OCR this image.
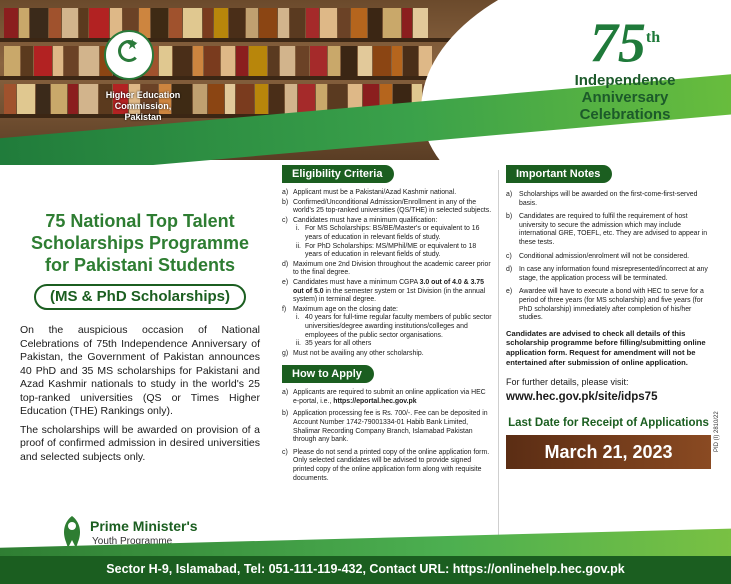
★
Higher Education
Commission,
Pakistan
75th
Independence
Anniversary
Celebrations
75 National Top Talent
Scholarships Programme
for Pakistani Students
(MS & PhD Scholarships)

On the auspicious occasion of National Celebrations of 75th Independence Anniversary of Pakistan, the Government of Pakistan announces 40 PhD and 35 MS scholarships for Pakistani and Azad Kashmir nationals to study in the world's 25 top-ranked universities (QS or Times Higher Education (THE) Rankings only).

The scholarships will be awarded on provision of a proof of confirmed admission in desired universities and selected subjects only.

Prime Minister's
Youth Programme
Eligibility Criteria
a) Applicant must be a Pakistani/Azad Kashmir national.
b) Confirmed/Unconditional Admission/Enrollment in any of the world's 25 top-ranked universities (QS/THE) in selected subjects.
c) Candidates must have a minimum qualification:
i. For MS Scholarships: BS/BE/Master's or equivalent to 16 years of education in relevant fields of study.
ii. For PhD Scholarships: MS/MPhil/ME or equivalent to 18 years of education in relevant fields of study.
d) Maximum one 2nd Division throughout the academic career prior to the final degree.
e) Candidates must have a minimum CGPA 3.0 out of 4.0 & 3.75 out of 5.0 in the semester system or 1st Division (in the annual system) in terminal degree.
f) Maximum age on the closing date:
i. 40 years for full-time regular faculty members of public sector universities/degree awarding institutions/colleges and employees of the public sector organisations.
ii. 35 years for all others
g) Must not be availing any other scholarship.
How to Apply
a) Applicants are required to submit an online application via HEC e-portal, i.e., https://eportal.hec.gov.pk
b) Application processing fee is Rs. 700/-. Fee can be deposited in Account Number 1742-79001334-01 Habib Bank Limited, Shalimar Recording Company Branch, Islamabad Pakistan through any bank.
c) Please do not send a printed copy of the online application form. Only selected candidates will be advised to provide signed printed copy of the online application form along with requisite documents.
Important Notes
a) Scholarships will be awarded on the first-come-first-served basis.
b) Candidates are required to fulfil the requirement of host university to secure the admission which may include international GRE, TOEFL, etc. They are advised to appear in these tests.
c) Conditional admission/enrolment will not be considered.
d) In case any information found misrepresented/incorrect at any stage, the application process will be terminated.
e) Awardee will have to execute a bond with HEC to serve for a period of three years (for MS scholarship) and five years (for PhD scholarship) immediately after completion of his/her studies.
Candidates are advised to check all details of this scholarship programme before filling/submitting online application form. Request for amendment will not be entertained after submission of online application.
For further details, please visit:
www.hec.gov.pk/site/idps75
Last Date for Receipt of Applications
March 21, 2023
PID (I) 2810/22
Sector H-9, Islamabad, Tel: 051-111-119-432, Contact URL: https://onlinehelp.hec.gov.pk
